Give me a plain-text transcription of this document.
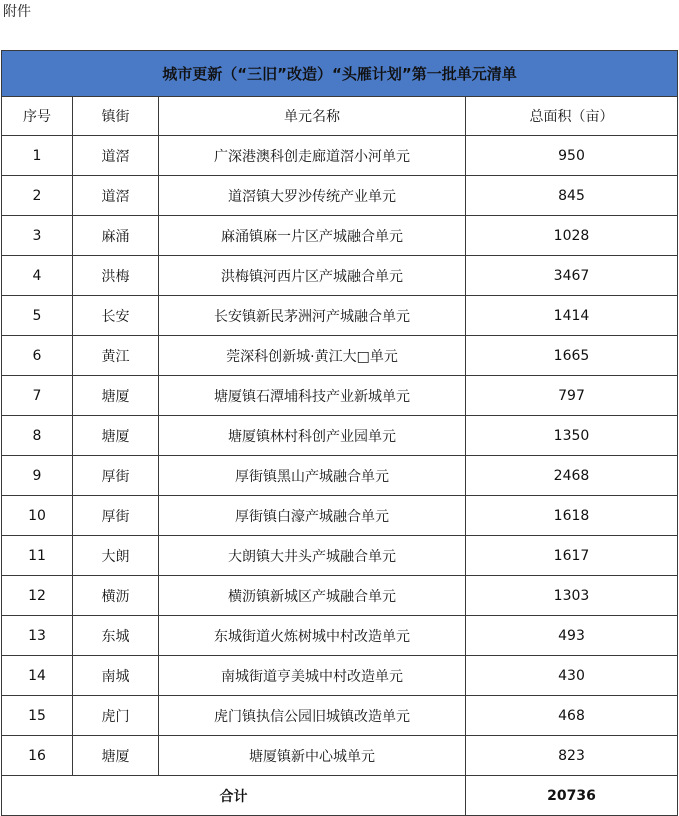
附件
城市更新（“三旧”改造）“头雁计划”第一批单元清单			
序号	镇街	单元名称	总面积（亩）
1	道滘	广深港澳科创走廊道滘小河单元	950
2	道滘	道滘镇大罗沙传统产业单元	845
3	麻涌	麻涌镇麻一片区产城融合单元	1028
4	洪梅	洪梅镇河西片区产城融合单元	3467
5	长安	长安镇新民茅洲河产城融合单元	1414
6	黄江	莞深科创新城·黄江大□单元	1665
7	塘厦	塘厦镇石潭埔科技产业新城单元	797
8	塘厦	塘厦镇林村科创产业园单元	1350
9	厚街	厚街镇黑山产城融合单元	2468
10	厚街	厚街镇白濠产城融合单元	1618
11	大朗	大朗镇大井头产城融合单元	1617
12	横沥	横沥镇新城区产城融合单元	1303
13	东城	东城街道火炼树城中村改造单元	493
14	南城	南城街道亨美城中村改造单元	430
15	虎门	虎门镇执信公园旧城镇改造单元	468
16	塘厦	塘厦镇新中心城单元	823
合计			20736
